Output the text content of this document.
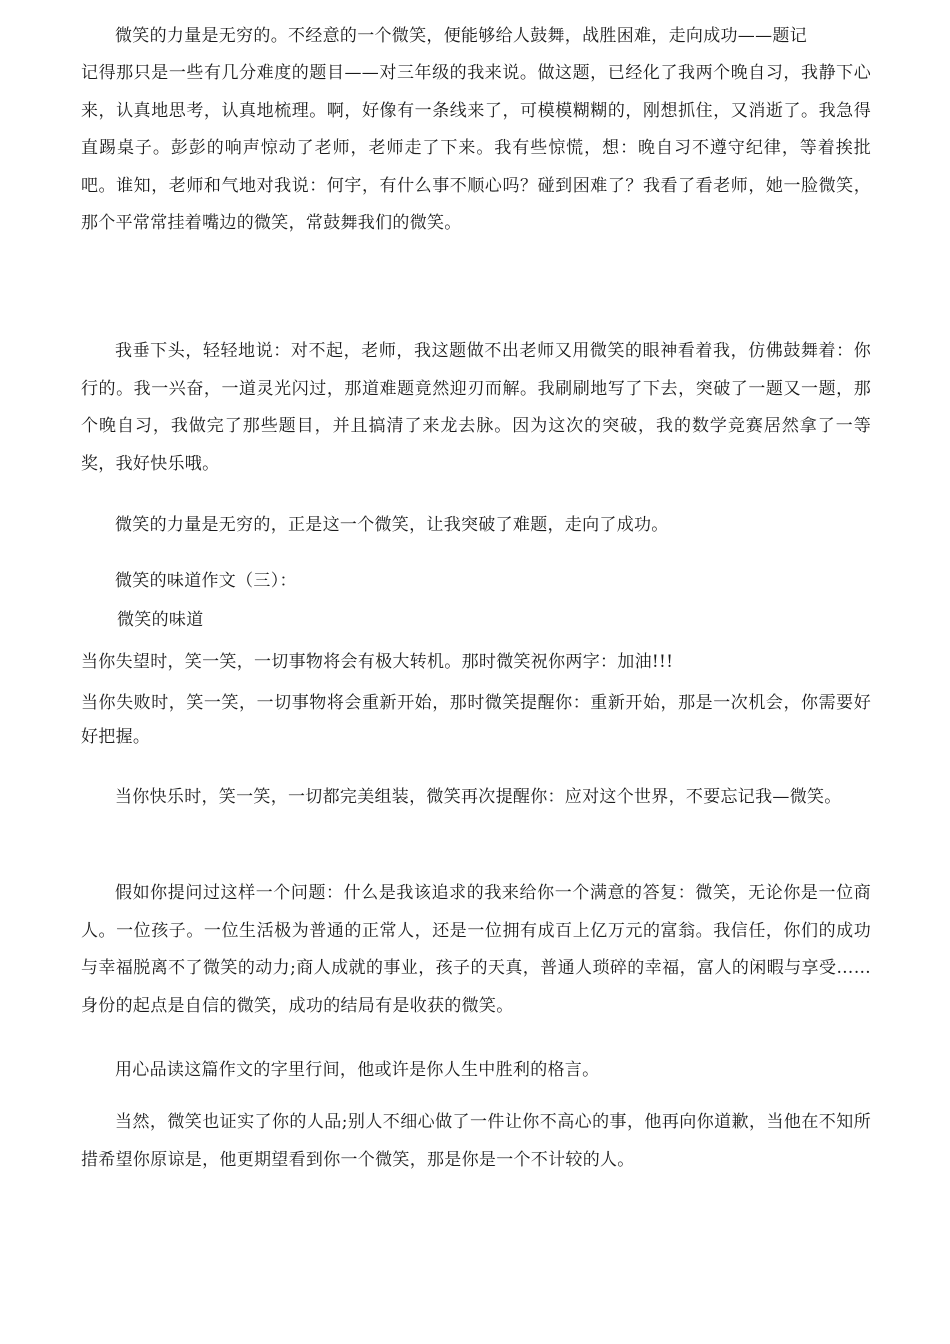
微笑的力量是无穷的。不经意的一个微笑，便能够给人鼓舞，战胜困难，走向成功——题记

记得那只是一些有几分难度的题目——对三年级的我来说。做这题，已经化了我两个晚自习，我静下心来，认真地思考，认真地梳理。啊，好像有一条线来了，可模模糊糊的，刚想抓住，又消逝了。我急得直踢桌子。彭彭的响声惊动了老师，老师走了下来。我有些惊慌，想：晚自习不遵守纪律，等着挨批吧。谁知，老师和气地对我说：何宇，有什么事不顺心吗？碰到困难了？我看了看老师，她一脸微笑，那个平常常挂着嘴边的微笑，常鼓舞我们的微笑。

我垂下头，轻轻地说：对不起，老师，我这题做不出老师又用微笑的眼神看着我，仿佛鼓舞着：你行的。我一兴奋，一道灵光闪过，那道难题竟然迎刃而解。我刷刷地写了下去，突破了一题又一题，那个晚自习，我做完了那些题目，并且搞清了来龙去脉。因为这次的突破，我的数学竞赛居然拿了一等奖，我好快乐哦。

微笑的力量是无穷的，正是这一个微笑，让我突破了难题，走向了成功。

微笑的味道作文（三）：

微笑的味道

当你失望时，笑一笑，一切事物将会有极大转机。那时微笑祝你两字：加油!!!

当你失败时，笑一笑，一切事物将会重新开始，那时微笑提醒你：重新开始，那是一次机会，你需要好好把握。

当你快乐时，笑一笑，一切都完美组装，微笑再次提醒你：应对这个世界，不要忘记我—微笑。

假如你提问过这样一个问题：什么是我该追求的我来给你一个满意的答复：微笑，无论你是一位商人。一位孩子。一位生活极为普通的正常人，还是一位拥有成百上亿万元的富翁。我信任，你们的成功与幸福脱离不了微笑的动力;商人成就的事业，孩子的天真，普通人琐碎的幸福，富人的闲暇与享受……身份的起点是自信的微笑，成功的结局有是收获的微笑。

用心品读这篇作文的字里行间，他或许是你人生中胜利的格言。

当然，微笑也证实了你的人品;别人不细心做了一件让你不高心的事，他再向你道歉，当他在不知所措希望你原谅是，他更期望看到你一个微笑，那是你是一个不计较的人。
